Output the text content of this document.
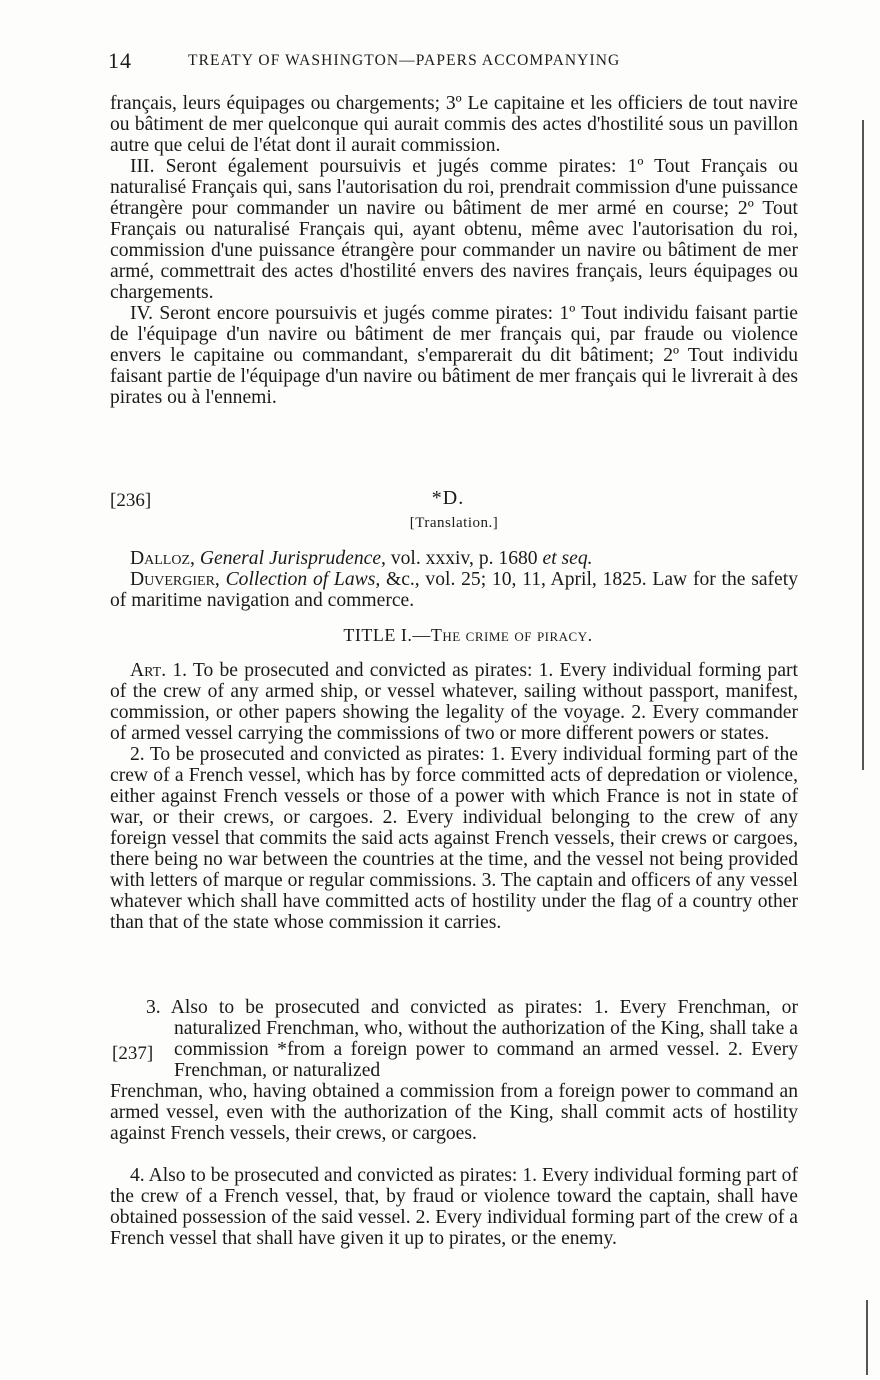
14	TREATY OF WASHINGTON—PAPERS ACCOMPANYING

français, leurs équipages ou chargements; 3º Le capitaine et les officiers de tout navire ou bâtiment de mer quelconque qui aurait commis des actes d'hostilité sous un pavillon autre que celui de l'état dont il aurait commission.

III. Seront également poursuivis et jugés comme pirates: 1º Tout Français ou naturalisé Français qui, sans l'autorisation du roi, prendrait commission d'une puissance étrangère pour commander un navire ou bâtiment de mer armé en course; 2º Tout Français ou naturalisé Français qui, ayant obtenu, même avec l'autorisation du roi, commission d'une puissance étrangère pour commander un navire ou bâtiment de mer armé, commettrait des actes d'hostilité envers des navires français, leurs équipages ou chargements.

IV. Seront encore poursuivis et jugés comme pirates: 1º Tout individu faisant partie de l'équipage d'un navire ou bâtiment de mer français qui, par fraude ou violence envers le capitaine ou commandant, s'emparerait du dit bâtiment; 2º Tout individu faisant partie de l'équipage d'un navire ou bâtiment de mer français qui le livrerait à des pirates ou à l'ennemi.

[236]	*D.
[Translation.]

Dalloz, General Jurisprudence, vol. xxxiv, p. 1680 et seq.

Duvergier, Collection of Laws, &c., vol. 25; 10, 11, April, 1825. Law for the safety of maritime navigation and commerce.

TITLE I.—The crime of piracy.

Art. 1. To be prosecuted and convicted as pirates: 1. Every individual forming part of the crew of any armed ship, or vessel whatever, sailing without passport, manifest, commission, or other papers showing the legality of the voyage. 2. Every commander of armed vessel carrying the commissions of two or more different powers or states.

2. To be prosecuted and convicted as pirates: 1. Every individual forming part of the crew of a French vessel, which has by force committed acts of depredation or violence, either against French vessels or those of a power with which France is not in state of war, or their crews, or cargoes. 2. Every individual belonging to the crew of any foreign vessel that commits the said acts against French vessels, their crews or cargoes, there being no war between the countries at the time, and the vessel not being provided with letters of marque or regular commissions. 3. The captain and officers of any vessel whatever which shall have committed acts of hostility under the flag of a country other than that of the state whose commission it carries.

[237]

3. Also to be prosecuted and convicted as pirates: 1. Every Frenchman, or naturalized Frenchman, who, without the authorization of the King, shall take a commission *from a foreign power to command an armed vessel. 2. Every Frenchman, or naturalized

Frenchman, who, having obtained a commission from a foreign power to command an armed vessel, even with the authorization of the King, shall commit acts of hostility against French vessels, their crews, or cargoes.

4. Also to be prosecuted and convicted as pirates: 1. Every individual forming part of the crew of a French vessel, that, by fraud or violence toward the captain, shall have obtained possession of the said vessel. 2. Every individual forming part of the crew of a French vessel that shall have given it up to pirates, or the enemy.
